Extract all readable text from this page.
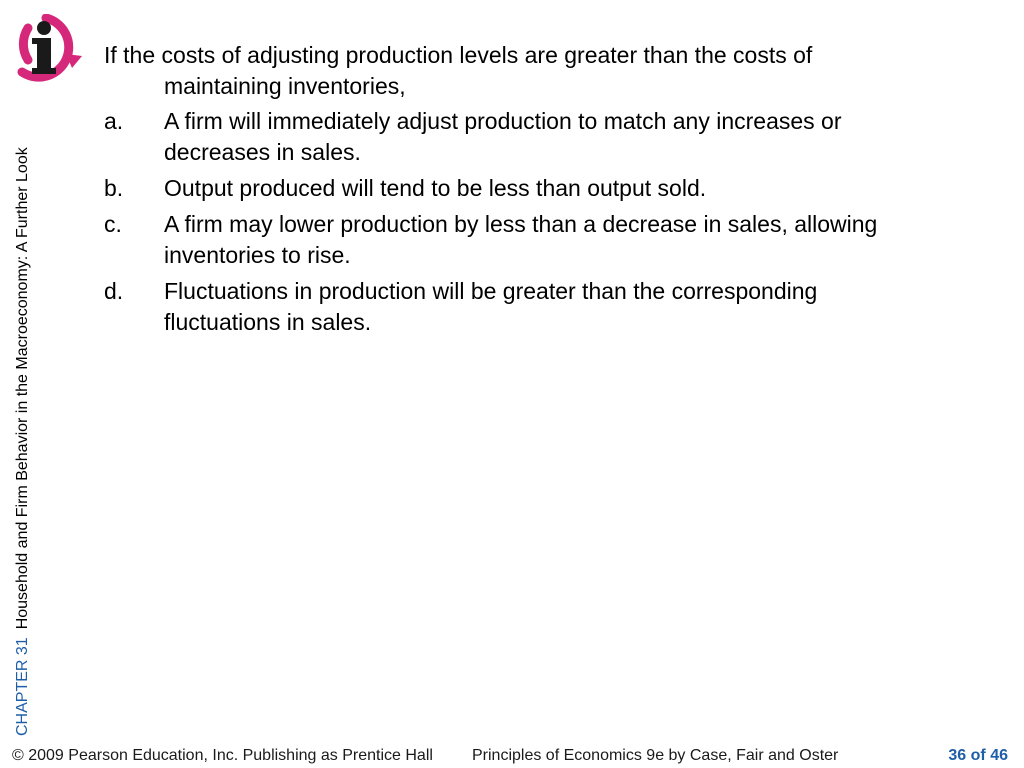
CHAPTER 31Household and Firm Behavior in the Macroeconomy: A Further Look

If the costs of adjusting production levels are greater than the costs of maintaining inventories,

a.	A firm will immediately adjust production to match any increases or decreases in sales.
b.	Output produced will tend to be less than output sold.
c.	A firm may lower production by less than a decrease in sales, allowing inventories to rise.
d.	Fluctuations in production will be greater than the corresponding fluctuations in sales.
© 2009 Pearson Education, Inc. Publishing as Prentice Hall Principles of Economics 9e by Case, Fair and Oster	36 of 46
